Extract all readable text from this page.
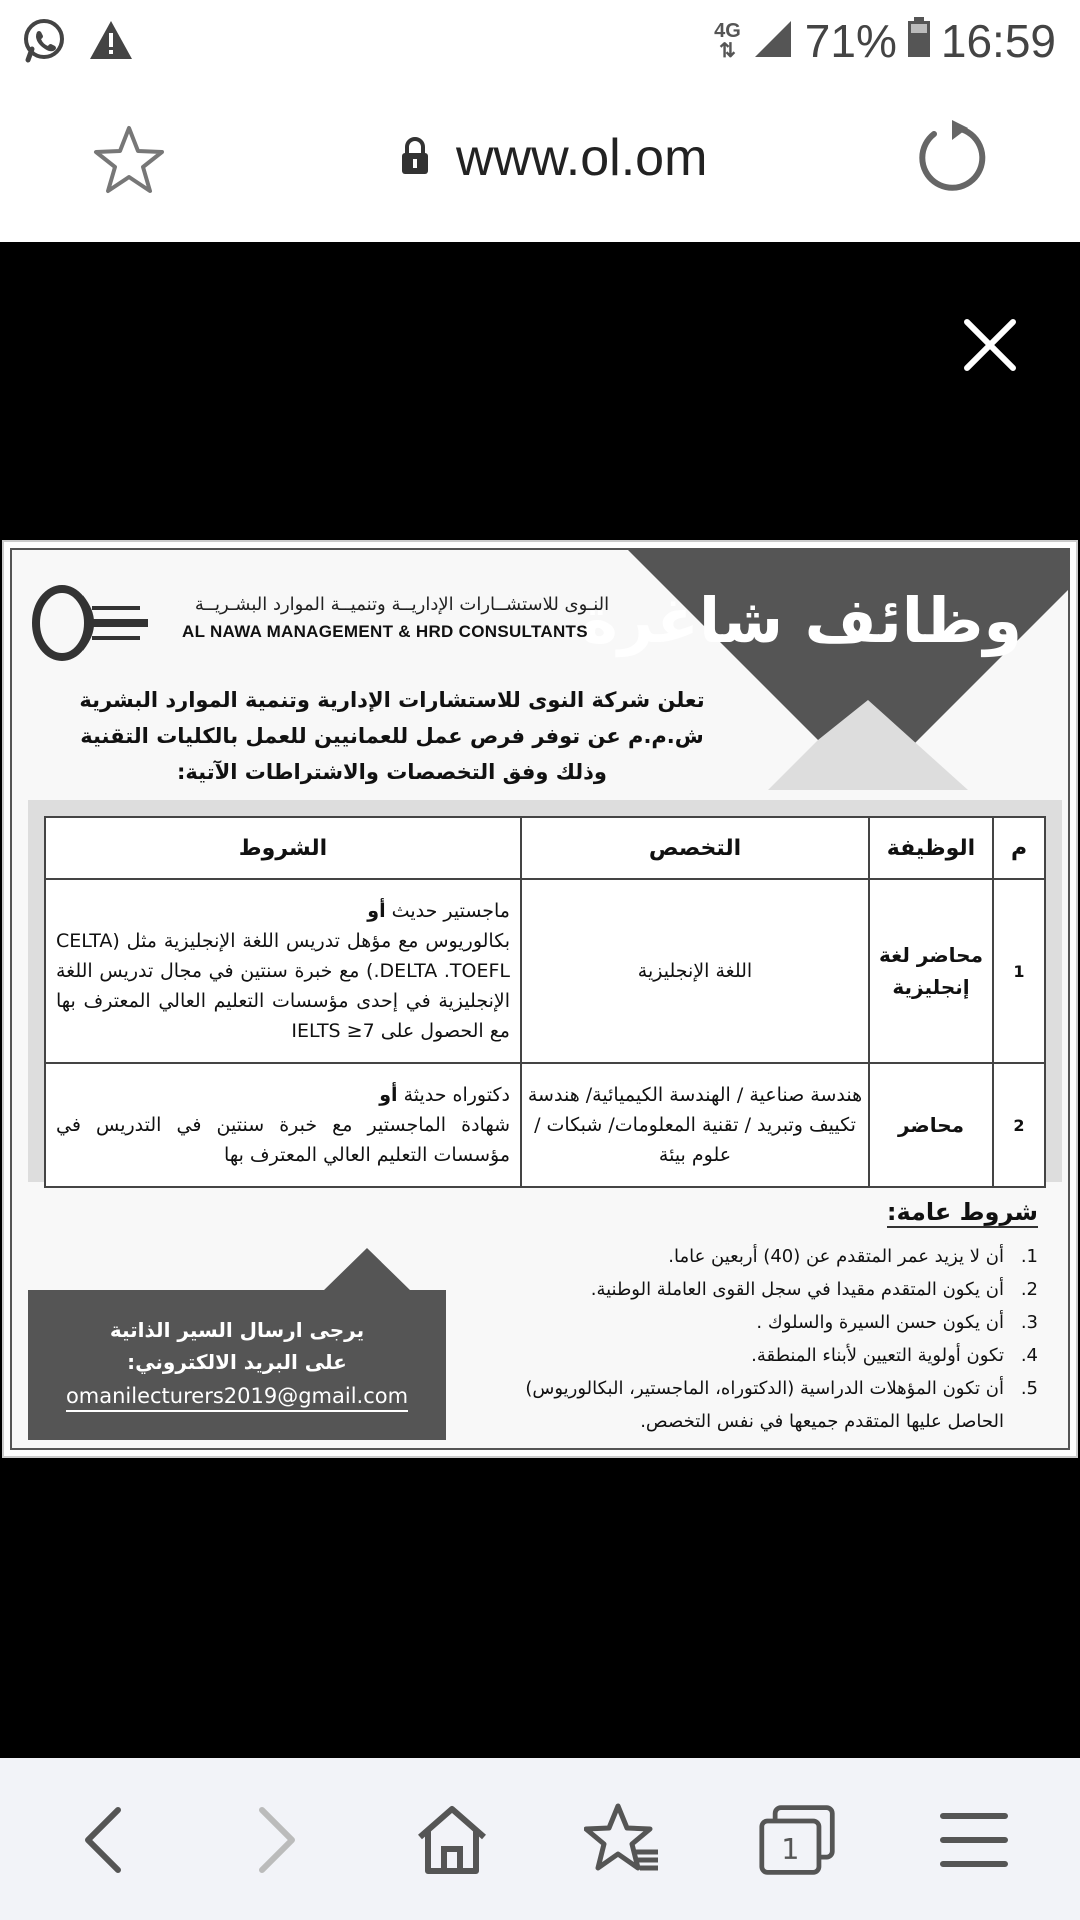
4G
⇅ 71% 16:59
www.ol.om
وظائف شاغرة
النـوى للاستشــارات الإداريــة وتنميــة الموارد البشـريــة
AL NAWA MANAGEMENT & HRD CONSULTANTS
تعلن شركة النوى للاستشارات الإدارية وتنمية الموارد البشرية ش.م.م عن توفر فرص عمل للعمانيين للعمل بالكليات التقنية وذلك وفق التخصصات والاشتراطات الآتية:
م	الوظيفة	التخصص	الشروط
1	محاضر لغة إنجليزية	اللغة الإنجليزية	ماجستير حديث أو
بكالوريوس مع مؤهل تدريس اللغة الإنجليزية مثل (CELTA .DELTA .TOEFL) مع خبرة سنتين في مجال تدريس اللغة الإنجليزية في إحدى مؤسسات التعليم العالي المعترف بها مع الحصول على 7≤ IELTS
2	محاضر	هندسة صناعية / الهندسة الكيميائية/ هندسة تكييف وتبريد / تقنية المعلومات/ شبكات / علوم بيئة	دكتوراه حديثة أو
شهادة الماجستير مع خبرة سنتين في التدريس في مؤسسات التعليم العالي المعترف بها
شروط عامة:
1.
أن لا يزيد عمر المتقدم عن (40) أربعين عاما.
2.
أن يكون المتقدم مقيدا في سجل القوى العاملة الوطنية.
3.
أن يكون حسن السيرة والسلوك .
4.
تكون أولوية التعيين لأبناء المنطقة.
5.
أن تكون المؤهلات الدراسية (الدكتوراه، الماجستير، البكالوريوس) الحاصل عليها المتقدم جميعها في نفس التخصص.
يرجى ارسال السير الذاتية
على البريد الالكتروني:
omanilecturers2019@gmail.com
1
